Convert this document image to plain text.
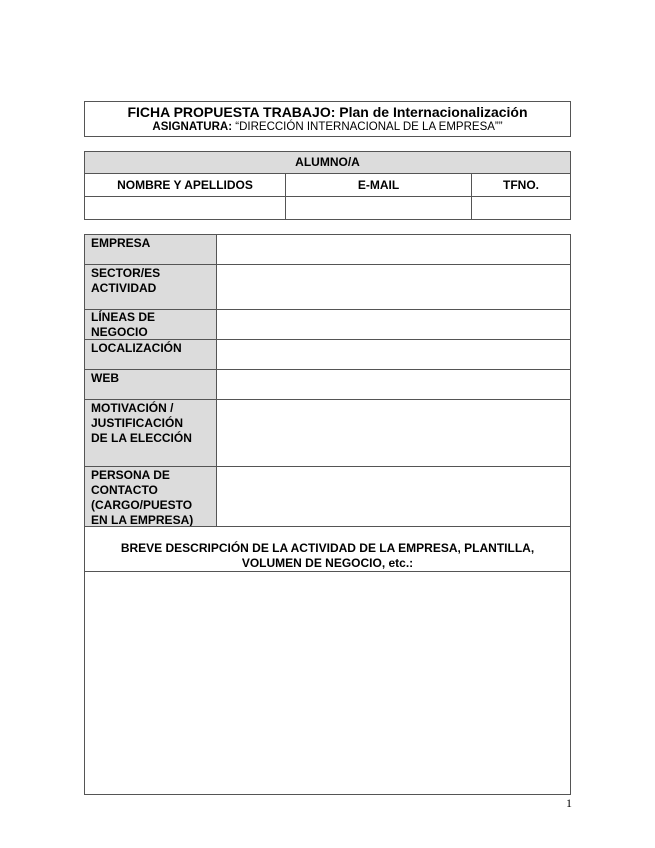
FICHA PROPUESTA TRABAJO: Plan de Internacionalización
ASIGNATURA: “DIRECCIÓN INTERNACIONAL DE LA EMPRESA””
ALUMNO/A
NOMBRE Y APELLIDOS	E-MAIL	TFNO.
EMPRESA
SECTOR/ES
ACTIVIDAD
LÍNEAS DE
NEGOCIO
LOCALIZACIÓN
WEB
MOTIVACIÓN /
JUSTIFICACIÓN
DE LA ELECCIÓN
PERSONA DE
CONTACTO
(CARGO/PUESTO
EN LA EMPRESA)
BREVE DESCRIPCIÓN DE LA ACTIVIDAD DE LA EMPRESA, PLANTILLA,
VOLUMEN DE NEGOCIO, etc.:
1
